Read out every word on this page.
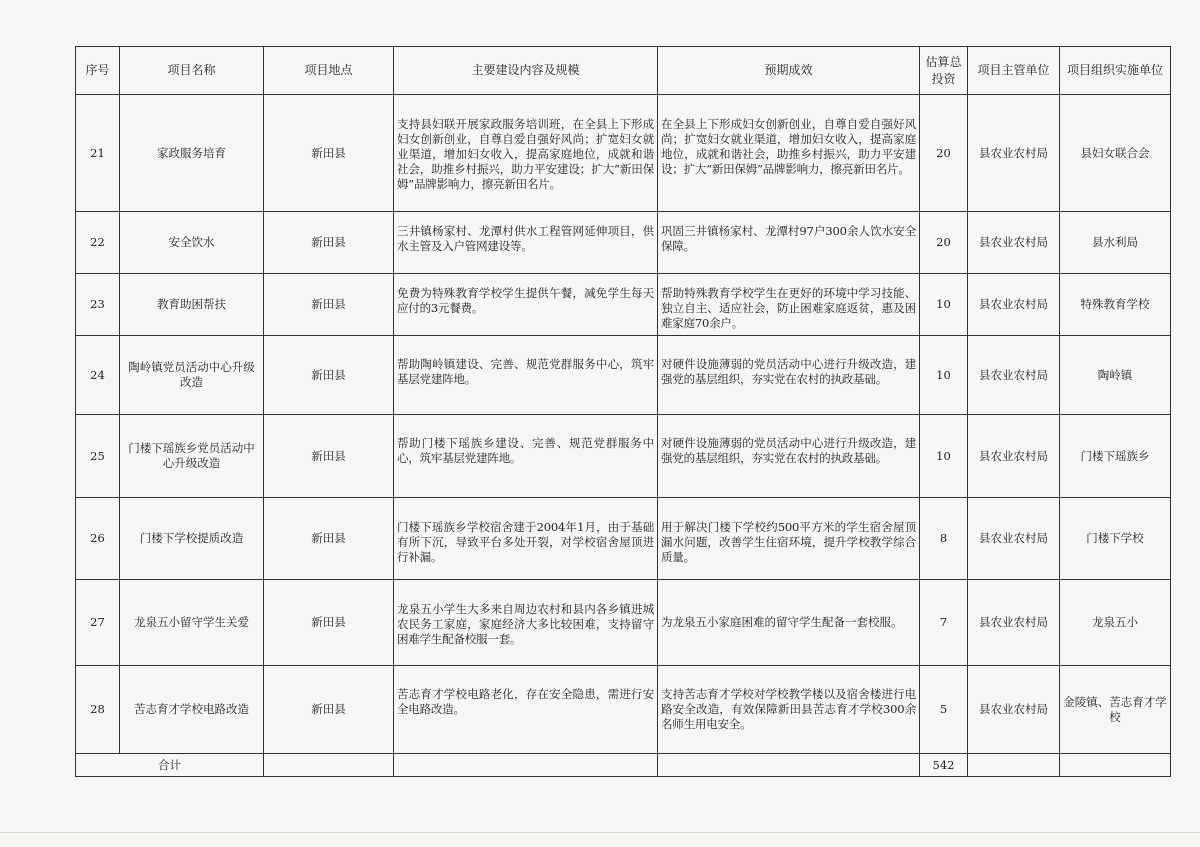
序号	项目名称	项目地点	主要建设内容及规模	预期成效	估算总投资	项目主管单位	项目组织实施单位
21	家政服务培育	新田县	支持县妇联开展家政服务培训班，在全县上下形成妇女创新创业，自尊自爱自强好风尚；扩宽妇女就业渠道，增加妇女收入，提高家庭地位，成就和谐社会，助推乡村振兴，助力平安建设；扩大“新田保姆”品牌影响力，擦亮新田名片。	在全县上下形成妇女创新创业，自尊自爱自强好风尚；扩宽妇女就业渠道，增加妇女收入，提高家庭地位，成就和谐社会，助推乡村振兴，助力平安建设；扩大“新田保姆”品牌影响力，擦亮新田名片。	20	县农业农村局	县妇女联合会
22	安全饮水	新田县	三井镇杨家村、龙潭村供水工程管网延伸项目，供水主管及入户管网建设等。	巩固三井镇杨家村、龙潭村97户300余人饮水安全保障。	20	县农业农村局	县水利局
23	教育助困帮扶	新田县	免费为特殊教育学校学生提供午餐，减免学生每天应付的3元餐费。	帮助特殊教育学校学生在更好的环境中学习技能、独立自主、适应社会，防止困难家庭返贫，惠及困难家庭70余户。	10	县农业农村局	特殊教育学校
24	陶岭镇党员活动中心升级改造	新田县	帮助陶岭镇建设、完善、规范党群服务中心，筑牢基层党建阵地。	对硬件设施薄弱的党员活动中心进行升级改造，建强党的基层组织，夯实党在农村的执政基础。	10	县农业农村局	陶岭镇
25	门楼下瑶族乡党员活动中心升级改造	新田县	帮助门楼下瑶族乡建设、完善、规范党群服务中心，筑牢基层党建阵地。	对硬件设施薄弱的党员活动中心进行升级改造，建强党的基层组织，夯实党在农村的执政基础。	10	县农业农村局	门楼下瑶族乡
26	门楼下学校提质改造	新田县	门楼下瑶族乡学校宿舍建于2004年1月，由于基础有所下沉，导致平台多处开裂，对学校宿舍屋顶进行补漏。	用于解决门楼下学校约500平方米的学生宿舍屋顶漏水问题，改善学生住宿环境，提升学校教学综合质量。	8	县农业农村局	门楼下学校
27	龙泉五小留守学生关爱	新田县	龙泉五小学生大多来自周边农村和县内各乡镇进城农民务工家庭，家庭经济大多比较困难，支持留守困难学生配备校服一套。	为龙泉五小家庭困难的留守学生配备一套校服。	7	县农业农村局	龙泉五小
28	苦志育才学校电路改造	新田县	苦志育才学校电路老化，存在安全隐患，需进行安全电路改造。	支持苦志育才学校对学校教学楼以及宿舍楼进行电路安全改造，有效保障新田县苦志育才学校300余名师生用电安全。	5	县农业农村局	金陵镇、苦志育才学校
合计					542		
